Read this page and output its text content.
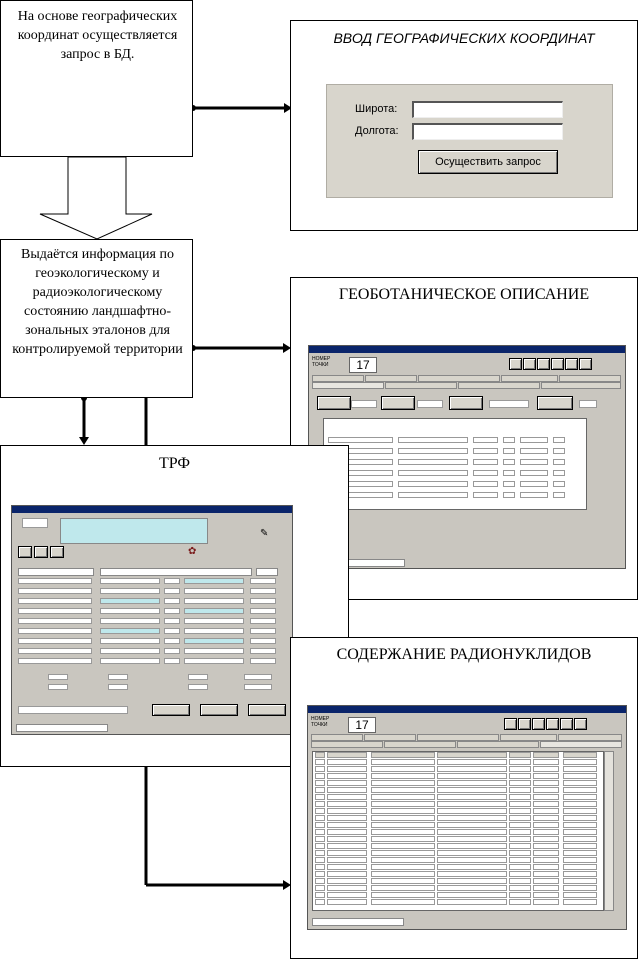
На основе географических координат осуществляется запрос в БД.
Выдаётся информация по геоэкологическому и радиоэкологическому состоянию ландшафтно-зональных эталонов для контролируемой территории
ВВОД ГЕОГРАФИЧЕСКИХ КООРДИНАТ
Широта:
Долгота:
Осуществить запрос
ГЕОБОТАНИЧЕСКОЕ ОПИСАНИЕ
НОМЕР ТОЧКИ	17
ТРФ
✿
✎
СОДЕРЖАНИЕ РАДИОНУКЛИДОВ
НОМЕР ТОЧКИ	17
